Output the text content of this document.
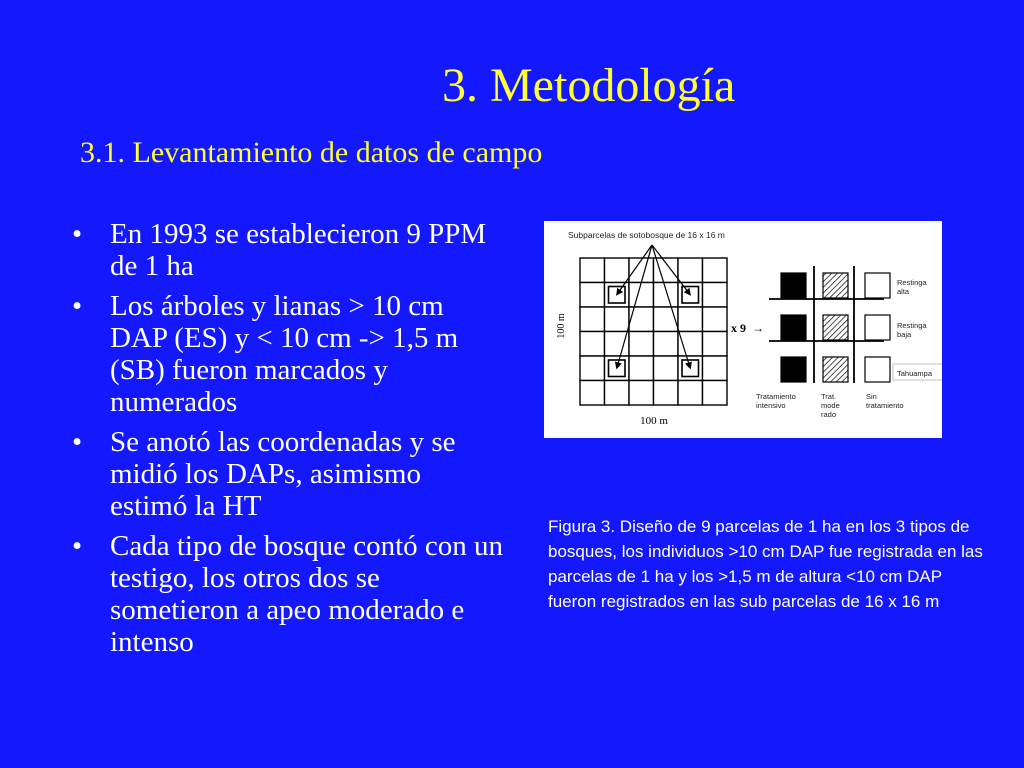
3. Metodología
3.1. Levantamiento de datos de campo
• En 1993 se establecieron 9 PPM de 1 ha
• Los árboles y lianas > 10 cm DAP (ES) y < 10 cm -> 1,5 m (SB) fueron marcados y numerados
• Se anotó las coordenadas y se midió los DAPs, asimismo estimó la HT
• Cada tipo de bosque contó con un testigo, los otros dos se sometieron a apeo moderado e intenso
Subparcelas de sotobosque de 16 x 16 m
100 m
100 m
x 9 →
Restinga alta
Restinga baja
Tahuampa
Tratamiento intensivo
Trat. mode rado
Sin tratamiento
Figura 3. Diseño de 9 parcelas de 1 ha en los 3 tipos de bosques, los individuos >10 cm DAP fue registrada en las parcelas de 1 ha y los >1,5 m de altura <10 cm DAP fueron registrados en las sub parcelas de 16 x 16 m
